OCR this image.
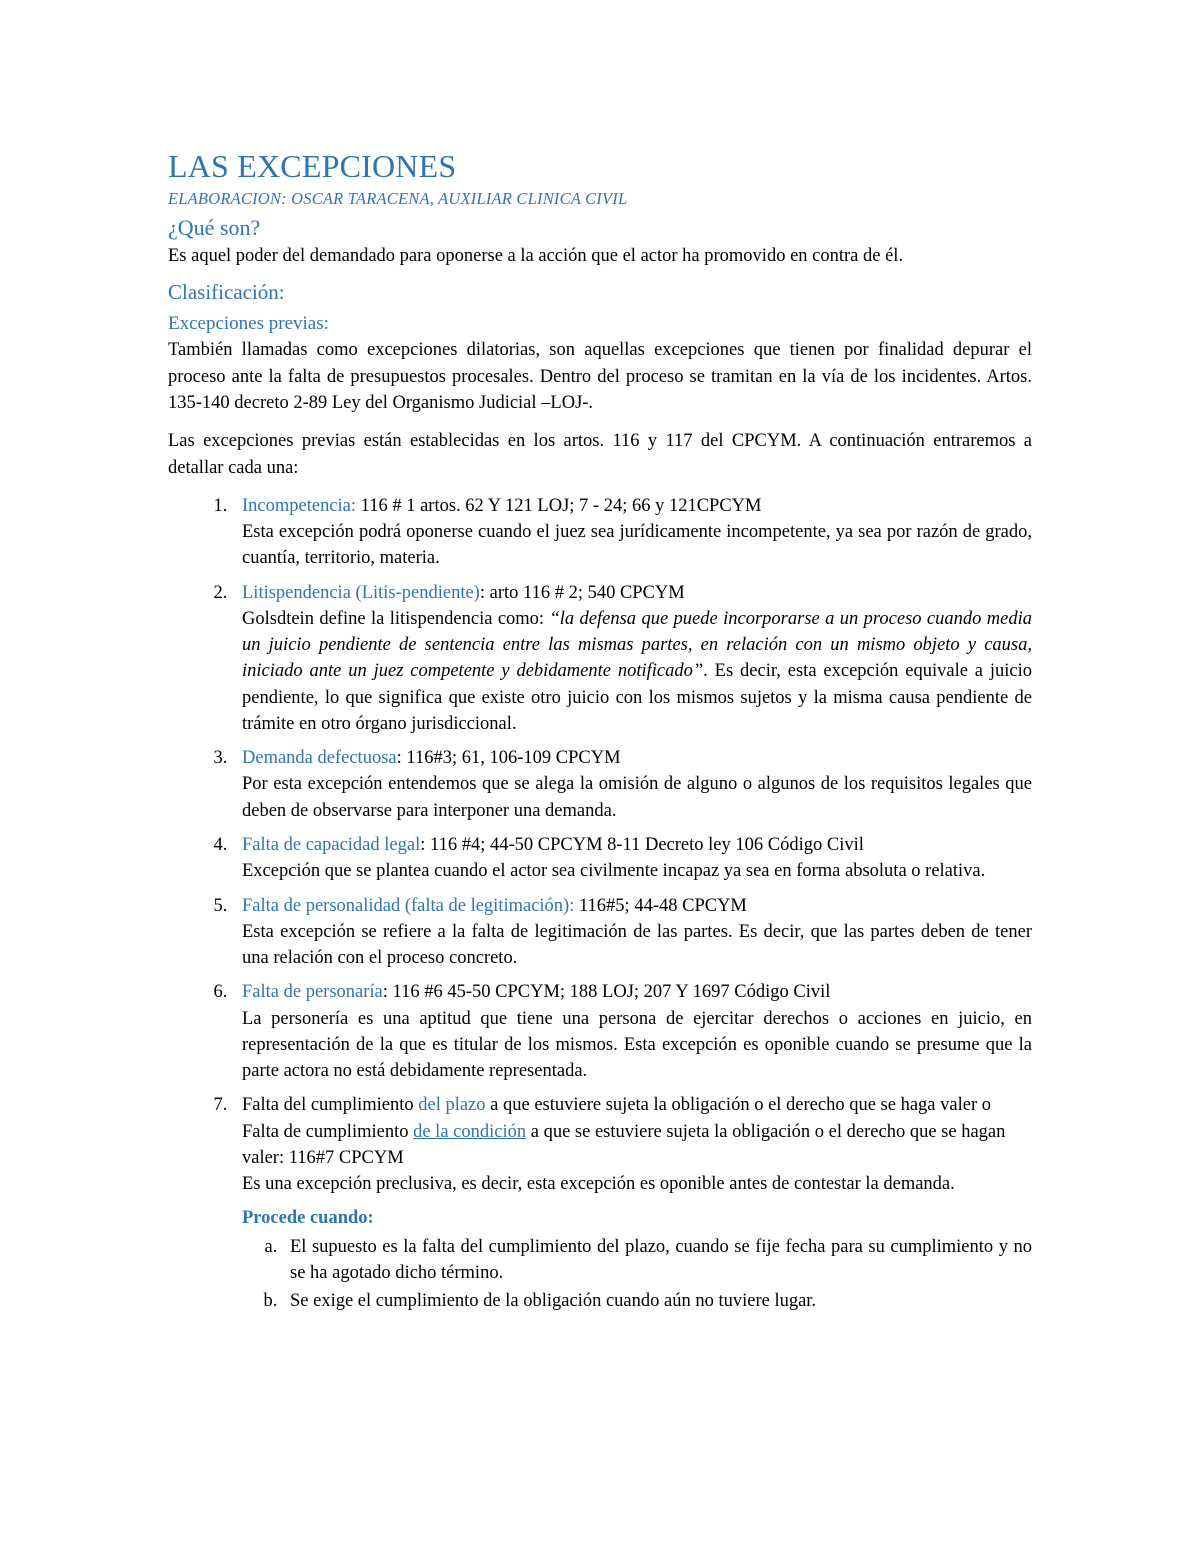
LAS EXCEPCIONES
ELABORACION: OSCAR TARACENA, AUXILIAR CLINICA CIVIL
¿Qué son?

Es aquel poder del demandado para oponerse a la acción que el actor ha promovido en contra de él.

Clasificación:
Excepciones previas:

También llamadas como excepciones dilatorias, son aquellas excepciones que tienen por finalidad depurar el proceso ante la falta de presupuestos procesales. Dentro del proceso se tramitan en la vía de los incidentes. Artos. 135-140 decreto 2-89 Ley del Organismo Judicial –LOJ-.

Las excepciones previas están establecidas en los artos. 116 y 117 del CPCYM. A continuación entraremos a detallar cada una:

1. Incompetencia: 116 # 1 artos. 62 Y 121 LOJ; 7 - 24; 66 y 121CPCYM
Esta excepción podrá oponerse cuando el juez sea jurídicamente incompetente, ya sea por razón de grado, cuantía, territorio, materia.
2. Litispendencia (Litis-pendiente): arto 116 # 2; 540 CPCYM
Golsdtein define la litispendencia como: “la defensa que puede incorporarse a un proceso cuando media un juicio pendiente de sentencia entre las mismas partes, en relación con un mismo objeto y causa, iniciado ante un juez competente y debidamente notificado”. Es decir, esta excepción equivale a juicio pendiente, lo que significa que existe otro juicio con los mismos sujetos y la misma causa pendiente de trámite en otro órgano jurisdiccional.
3. Demanda defectuosa: 116#3; 61, 106-109 CPCYM
Por esta excepción entendemos que se alega la omisión de alguno o algunos de los requisitos legales que deben de observarse para interponer una demanda.
4. Falta de capacidad legal: 116 #4; 44-50 CPCYM 8-11 Decreto ley 106 Código Civil
Excepción que se plantea cuando el actor sea civilmente incapaz ya sea en forma absoluta o relativa.
5. Falta de personalidad (falta de legitimación): 116#5; 44-48 CPCYM
Esta excepción se refiere a la falta de legitimación de las partes. Es decir, que las partes deben de tener una relación con el proceso concreto.
6. Falta de personaría: 116 #6 45-50 CPCYM; 188 LOJ; 207 Y 1697 Código Civil
La personería es una aptitud que tiene una persona de ejercitar derechos o acciones en juicio, en representación de la que es titular de los mismos. Esta excepción es oponible cuando se presume que la parte actora no está debidamente representada.
7. Falta del cumplimiento del plazo a que estuviere sujeta la obligación o el derecho que se haga valer o Falta de cumplimiento de la condición a que se estuviere sujeta la obligación o el derecho que se hagan valer: 116#7 CPCYM
Es una excepción preclusiva, es decir, esta excepción es oponible antes de contestar la demanda.
Procede cuando:
a. El supuesto es la falta del cumplimiento del plazo, cuando se fije fecha para su cumplimiento y no se ha agotado dicho término.
b. Se exige el cumplimiento de la obligación cuando aún no tuviere lugar.
